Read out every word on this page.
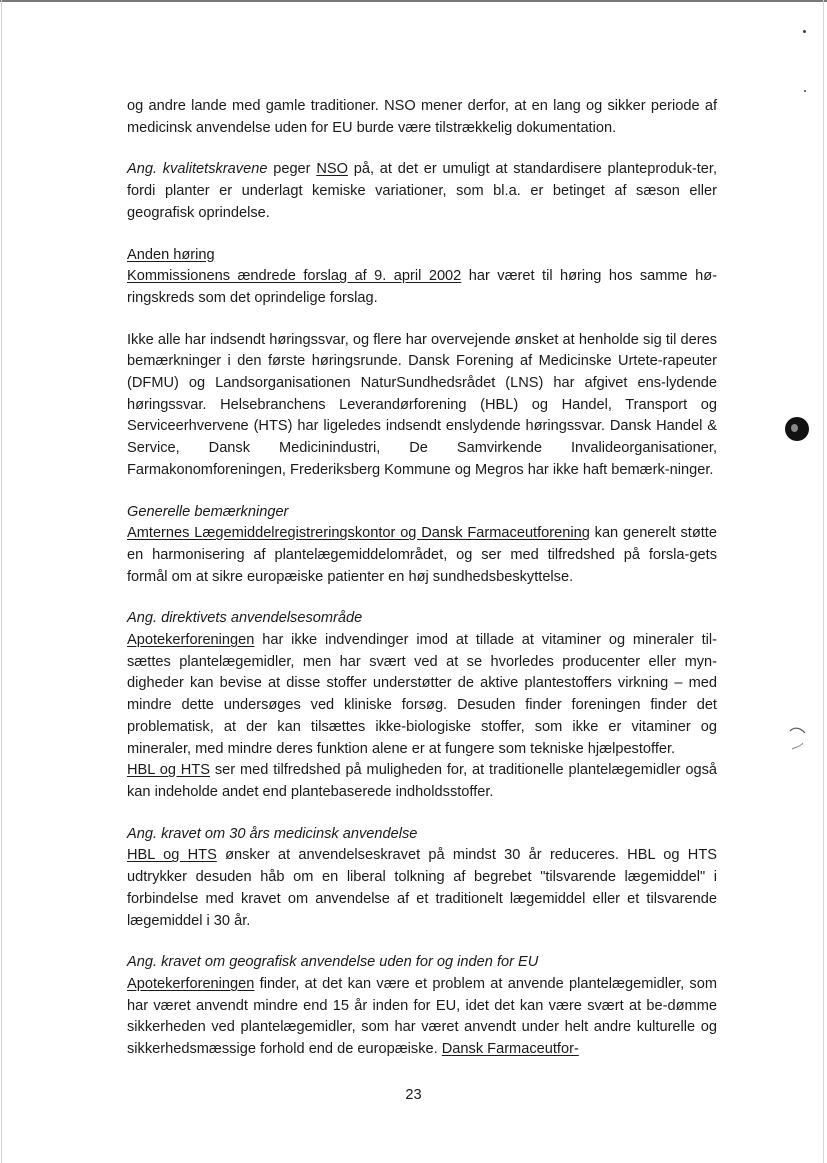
og andre lande med gamle traditioner. NSO mener derfor, at en lang og sikker periode af medicinsk anvendelse uden for EU burde være tilstrækkelig dokumentation.

Ang. kvalitetskravene peger NSO på, at det er umuligt at standardisere planteproduk-ter, fordi planter er underlagt kemiske variationer, som bl.a. er betinget af sæson eller geografisk oprindelse.

Anden høring

Kommissionens ændrede forslag af 9. april 2002 har været til høring hos samme hø-ringskreds som det oprindelige forslag.

Ikke alle har indsendt høringssvar, og flere har overvejende ønsket at henholde sig til deres bemærkninger i den første høringsrunde. Dansk Forening af Medicinske Urtete-rapeuter (DFMU) og Landsorganisationen NaturSundhedsrådet (LNS) har afgivet ens-lydende høringssvar. Helsebranchens Leverandørforening (HBL) og Handel, Transport og Serviceerhvervene (HTS) har ligeledes indsendt enslydende høringssvar. Dansk Handel & Service, Dansk Medicinindustri, De Samvirkende Invalideorganisationer, Farmakonomforeningen, Frederiksberg Kommune og Megros har ikke haft bemærk-ninger.

Generelle bemærkninger

Amternes Lægemiddelregistreringskontor og Dansk Farmaceutforening kan generelt støtte en harmonisering af plantelægemiddelområdet, og ser med tilfredshed på forsla-gets formål om at sikre europæiske patienter en høj sundhedsbeskyttelse.

Ang. direktivets anvendelsesområde

Apotekerforeningen har ikke indvendinger imod at tillade at vitaminer og mineraler til-sættes plantelægemidler, men har svært ved at se hvorledes producenter eller myn-digheder kan bevise at disse stoffer understøtter de aktive plantestoffers virkning – med mindre dette undersøges ved kliniske forsøg. Desuden finder foreningen finder det problematisk, at der kan tilsættes ikke-biologiske stoffer, som ikke er vitaminer og mineraler, med mindre deres funktion alene er at fungere som tekniske hjælpestoffer.

HBL og HTS ser med tilfredshed på muligheden for, at traditionelle plantelægemidler også kan indeholde andet end plantebaserede indholdsstoffer.

Ang. kravet om 30 års medicinsk anvendelse

HBL og HTS ønsker at anvendelseskravet på mindst 30 år reduceres. HBL og HTS udtrykker desuden håb om en liberal tolkning af begrebet "tilsvarende lægemiddel" i forbindelse med kravet om anvendelse af et traditionelt lægemiddel eller et tilsvarende lægemiddel i 30 år.

Ang. kravet om geografisk anvendelse uden for og inden for EU

Apotekerforeningen finder, at det kan være et problem at anvende plantelægemidler, som har været anvendt mindre end 15 år inden for EU, idet det kan være svært at be-dømme sikkerheden ved plantelægemidler, som har været anvendt under helt andre kulturelle og sikkerhedsmæssige forhold end de europæiske. Dansk Farmaceutfor-

23
